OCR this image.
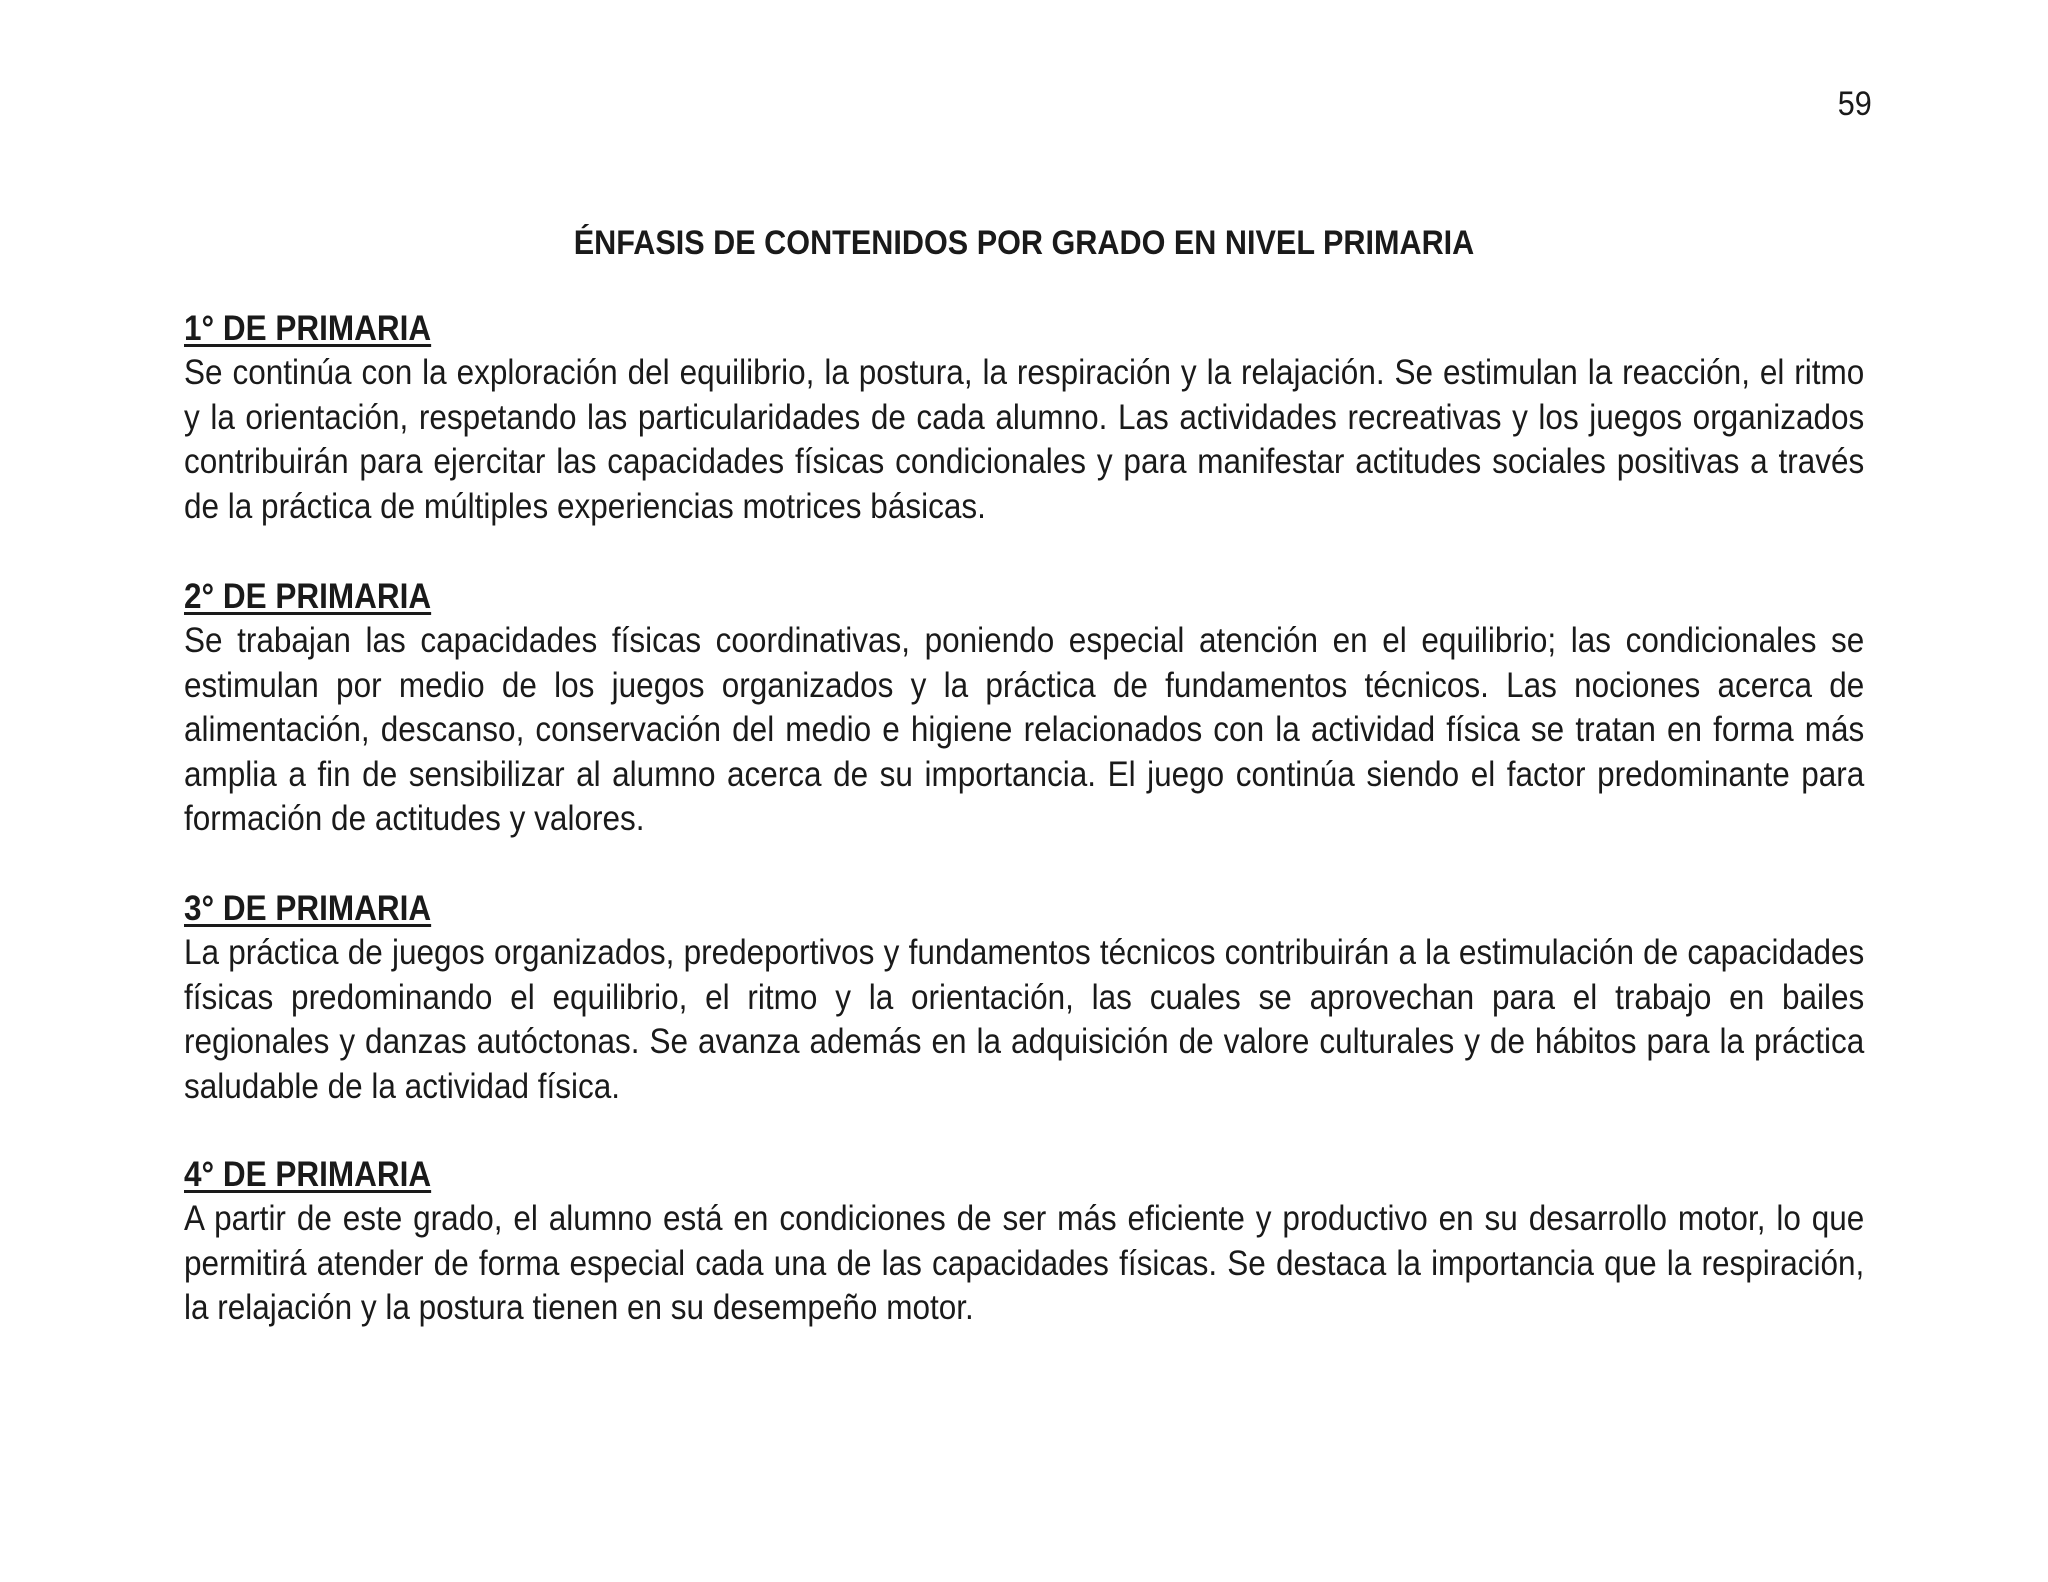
59
ÉNFASIS DE CONTENIDOS POR GRADO EN NIVEL PRIMARIA
1° DE PRIMARIA

Se continúa con la exploración del equilibrio, la postura, la respiración y la relajación. Se estimulan la reacción, el ritmo y la orientación, respetando las particularidades de cada alumno. Las actividades recreativas y los juegos organizados contribuirán para ejercitar las capacidades físicas condicionales y para manifestar actitudes sociales positivas a través de la práctica de múltiples experiencias motrices básicas.

2° DE PRIMARIA

Se trabajan las capacidades físicas coordinativas, poniendo especial atención en el equilibrio; las condicionales se estimulan por medio de los juegos organizados y la práctica de fundamentos técnicos. Las nociones acerca de alimentación, descanso, conservación del medio e higiene relacionados con la actividad física se tratan en forma más amplia a fin de sensibilizar al alumno acerca de su importancia. El juego continúa siendo el factor predominante para formación de actitudes y valores.

3° DE PRIMARIA

La práctica de juegos organizados, predeportivos y fundamentos técnicos contribuirán a la estimulación de capacidades físicas predominando el equilibrio, el ritmo y la orientación, las cuales se aprovechan para el trabajo en bailes regionales y danzas autóctonas. Se avanza además en la adquisición de valore culturales y de hábitos para la práctica saludable de la actividad física.

4° DE PRIMARIA

A partir de este grado, el alumno está en condiciones de ser más eficiente y productivo en su desarrollo motor, lo que permitirá atender de forma especial cada una de las capacidades físicas. Se destaca la importancia que la respiración, la relajación y la postura tienen en su desempeño motor.
